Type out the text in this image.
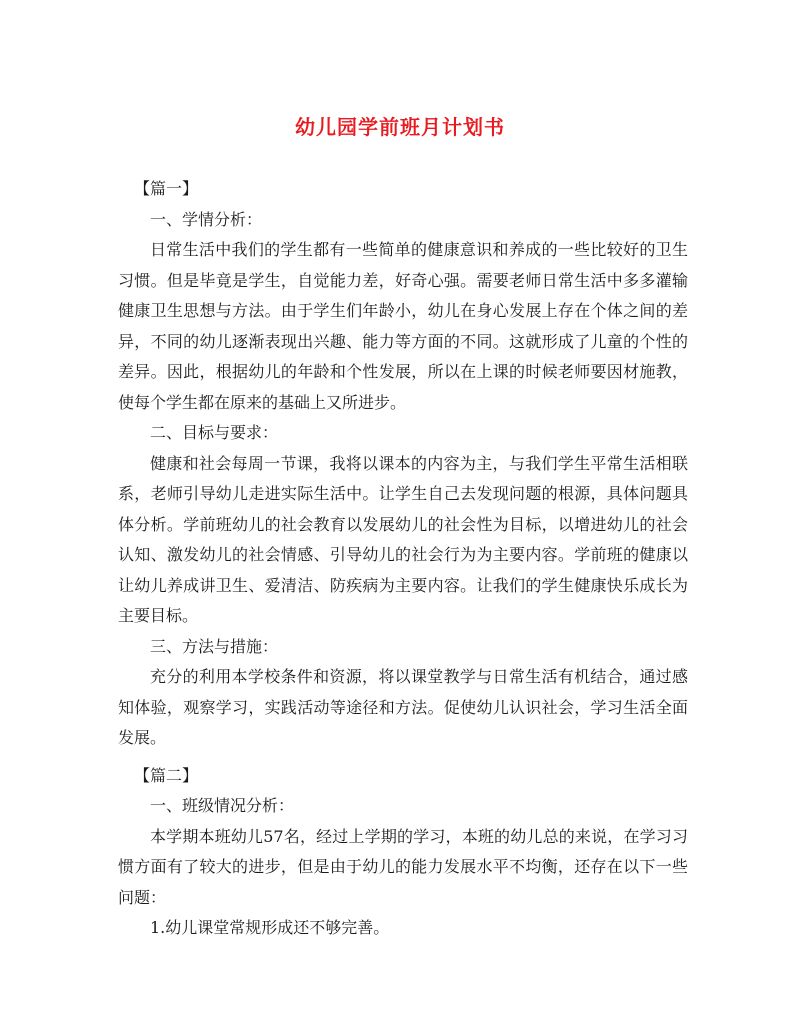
幼儿园学前班月计划书

【篇一】

一、学情分析：

日常生活中我们的学生都有一些简单的健康意识和养成的一些比较好的卫生习惯。但是毕竟是学生，自觉能力差，好奇心强。需要老师日常生活中多多灌输健康卫生思想与方法。由于学生们年龄小，幼儿在身心发展上存在个体之间的差异，不同的幼儿逐渐表现出兴趣、能力等方面的不同。这就形成了儿童的个性的差异。因此，根据幼儿的年龄和个性发展，所以在上课的时候老师要因材施教，使每个学生都在原来的基础上又所进步。

二、目标与要求：

健康和社会每周一节课，我将以课本的内容为主，与我们学生平常生活相联系，老师引导幼儿走进实际生活中。让学生自己去发现问题的根源，具体问题具体分析。学前班幼儿的社会教育以发展幼儿的社会性为目标，以增进幼儿的社会认知、激发幼儿的社会情感、引导幼儿的社会行为为主要内容。学前班的健康以让幼儿养成讲卫生、爱清洁、防疾病为主要内容。让我们的学生健康快乐成长为主要目标。

三、方法与措施：

充分的利用本学校条件和资源，将以课堂教学与日常生活有机结合，通过感知体验，观察学习，实践活动等途径和方法。促使幼儿认识社会，学习生活全面发展。

【篇二】

一、班级情况分析：

本学期本班幼儿57名，经过上学期的学习，本班的幼儿总的来说，在学习习惯方面有了较大的进步，但是由于幼儿的能力发展水平不均衡，还存在以下一些问题：

1.幼儿课堂常规形成还不够完善。
